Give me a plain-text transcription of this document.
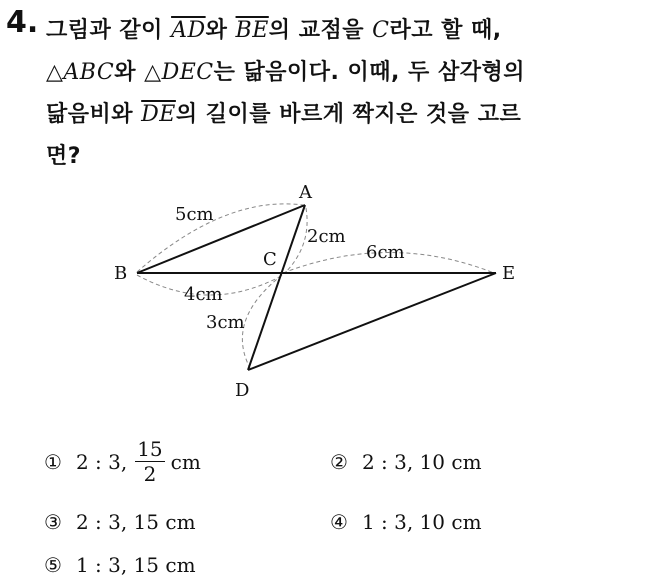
4. 그림과 같이 $\overline{AD}$와 $\overline{BE}$의 교점을 C라고 할 때,
△ABC와 △DEC는 닮음이다. 이때, 두 삼각형의
닮음비와 $\overline{DE}$의 길이를 바르게 짝지은 것을 고르
면?
A
B
C
D
E
5cm
2cm
6cm
4cm
3cm
① 2 : 3, $\frac{15}{2}$ cm	② 2 : 3, 10 cm
③ 2 : 3, 15 cm	④ 1 : 3, 10 cm
⑤ 1 : 3, 15 cm
